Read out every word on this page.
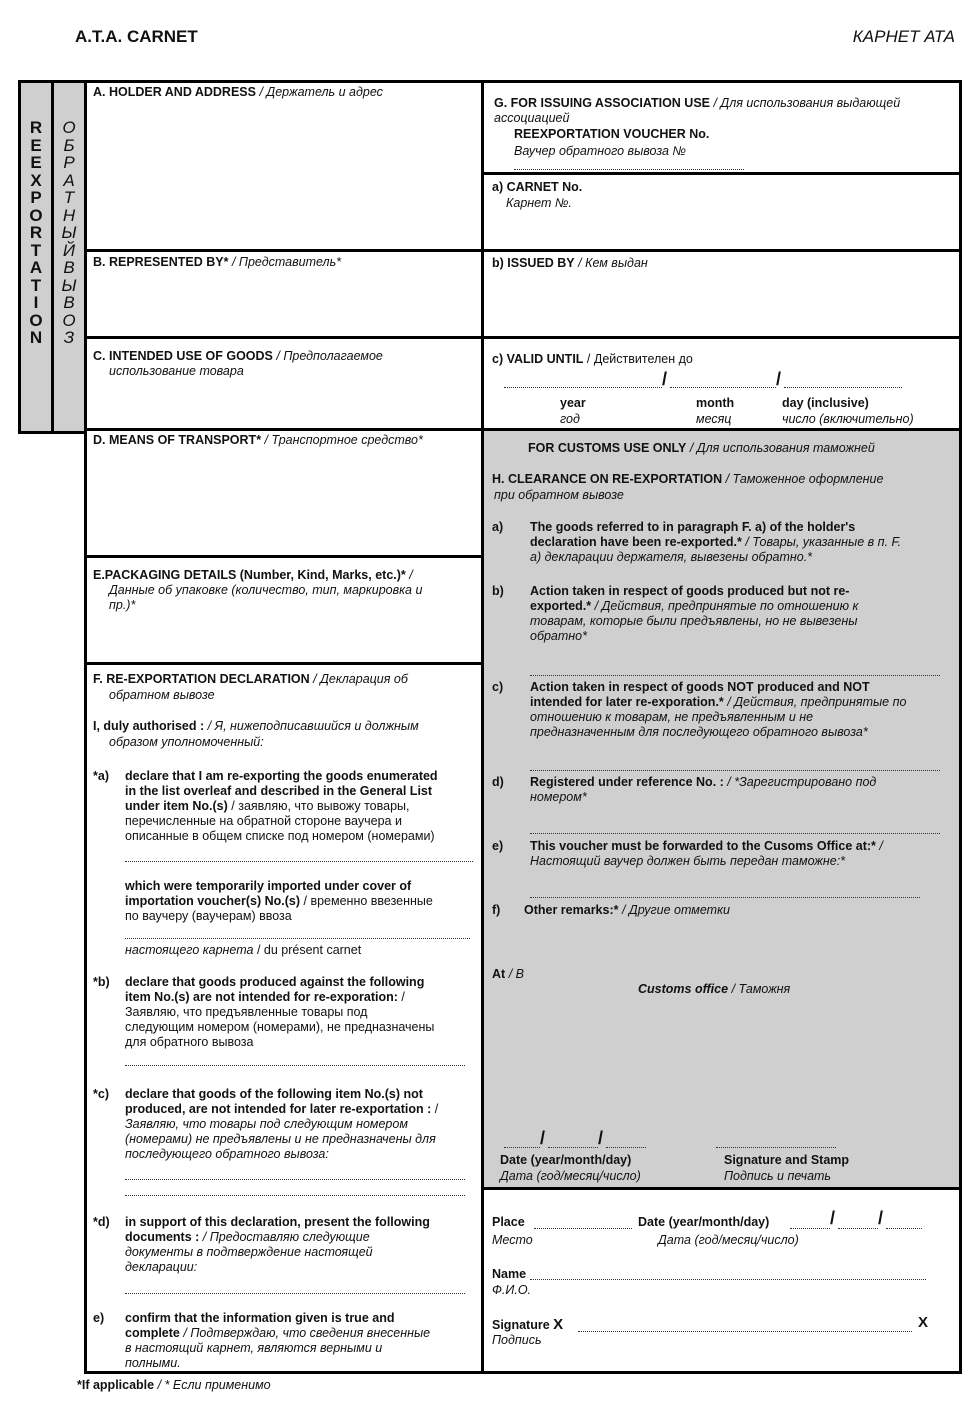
A.T.A. CARNET	КАРНЕТ АТА
R
E
E
X
P
O
R
T
A
T
I
O
N
О
Б
Р
А
Т
Н
Ы
Й
В
Ы
В
О
З
A. HOLDER AND ADDRESS / Держатель и адрес
B. REPRESENTED BY* / Представитель*
C. INTENDED USE OF GOODS / Предполагаемое
использование товара
D. MEANS OF TRANSPORT* / Транспортное средство*
E.PACKAGING DETAILS (Number, Kind, Marks, etc.)* /
Данные об упаковке (количество, тип, маркировка и
пр.)*
F. RE-EXPORTATION DECLARATION / Декларация об
обратном вывозе
I, duly authorised : / Я, нижеподписавшийся и должным
образом уполномоченный:
*a) declare that I am re-exporting the goods enumerated
in the list overleaf and described in the General List
under item No.(s) / заявляю, что вывожу товары,
перечисленные на обратной стороне ваучера и
описанные в общем списке под номером (номерами)
which were temporarily imported under cover of
importation voucher(s) No.(s) / временно ввезенные
по ваучеру (ваучерам) ввоза
настоящего карнета / du présent carnet
*b) declare that goods produced against the following
item No.(s) are not intended for re-exporation: /
Заявляю, что предъявленные товары под
следующим номером (номерами), не предназначены
для обратного вывоза
*c) declare that goods of the following item No.(s) not
produced, are not intended for later re-exportation : /
Заявляю, что товары под следующим номером
(номерами) не предъявлены и не предназначены для
последующего обратного вывоза:
*d) in support of this declaration, present the following
documents : / Предоставляю следующие
документы в подтверждение настоящей
декларации:
e) confirm that the information given is true and
complete / Подтверждаю, что сведения внесенные
в настоящий карнет, являются верными и
полными.
G. FOR ISSUING ASSOCIATION USE / Для использования выдающей
ассоциацией
REEXPORTATION VOUCHER No.
Ваучер обратного вывоза №
a) CARNET No.
Карнет №.
b) ISSUED BY / Кем выдан
c) VALID UNTIL / Действителен до
/	/
year
год
month
месяц
day (inclusive)
число (включительно)
FOR CUSTOMS USE ONLY / Для использования таможней
H. CLEARANCE ON RE-EXPORTATION / Таможенное оформление
при обратном вывозе
a) The goods referred to in paragraph F. a) of the holder's
declaration have been re-exported.* / Товары, указанные в п. F.
а) декларации держателя, вывезены обратно.*
b) Action taken in respect of goods produced but not re-
exported.* / Действия, предпринятые по отношению к
товарам, которые были предъявлены, но не вывезены
обратно*
c) Action taken in respect of goods NOT produced and NOT
intended for later re-exporation.* / Действия, предпринятые по
отношению к товарам, не предъявленным и не
предназначенным для последующего обратного вывоза*
d) Registered under reference No. : / *Зарегистрировано под
номером*
e) This voucher must be forwarded to the Cusoms Office at:* /
Настоящий ваучер должен быть передан таможне:*
f) Other remarks:* / Другие отметки
At / В
Customs office / Таможня
/	/
Date (year/month/day)
Дата (год/месяц/число)
Signature and Stamp
Подпись и печать
Place	Date (year/month/day)	/ /
Место	Дата (год/месяц/число)
Name
Ф.И.О.
Signature X	X
Подпись
*If applicable / * Если применимо
